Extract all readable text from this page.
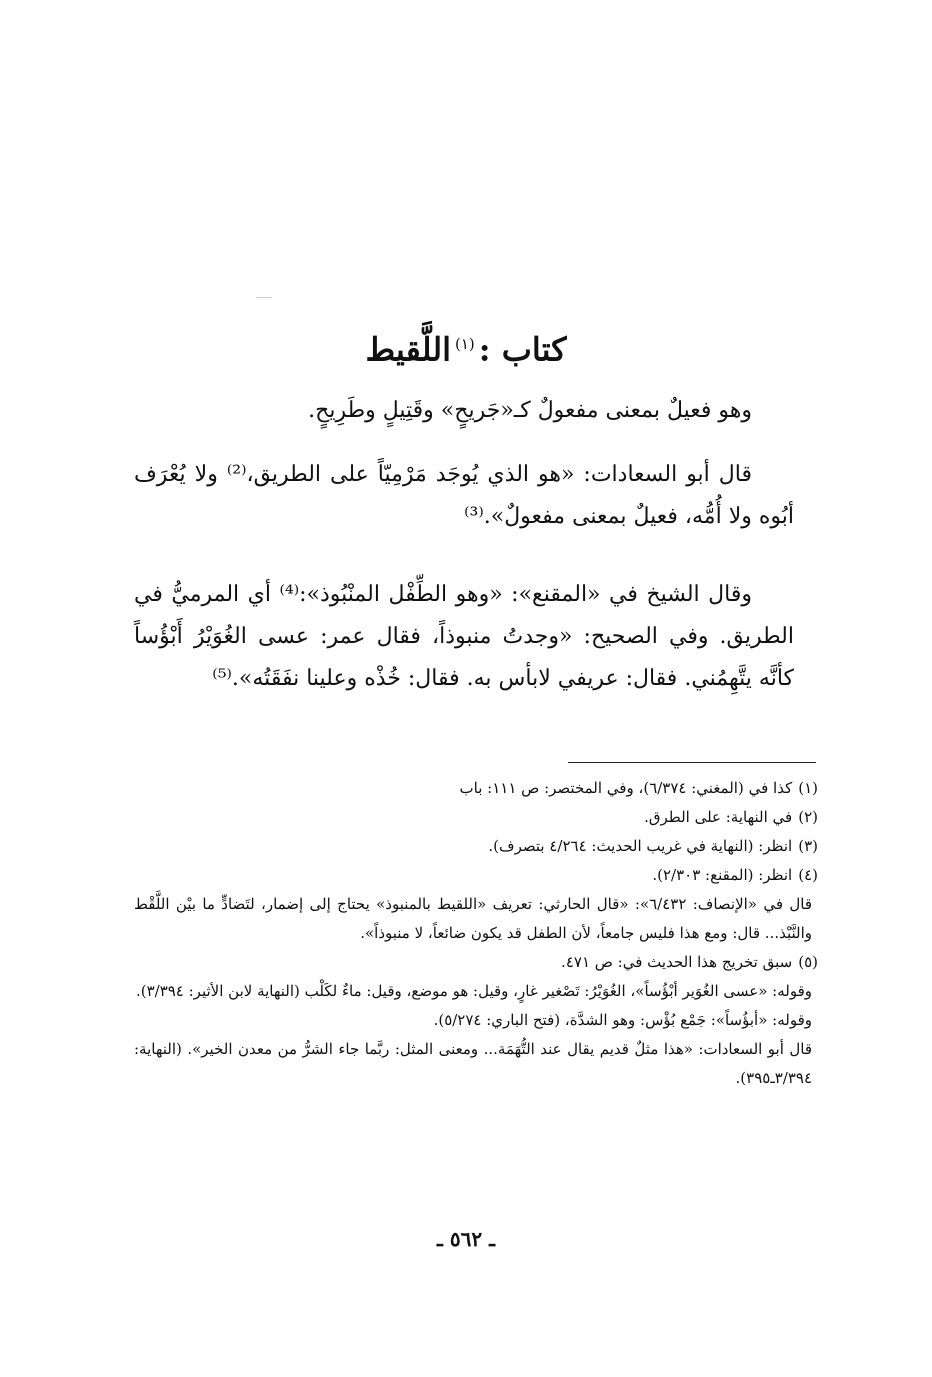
كتاب :$^{(١)}$اللَّقيط

وهو فعيلٌ بمعنى مفعولٌ كـ«جَريحٍ» وقَتِيلٍ وطَرِيحٍ.

قال أبو السعادات: «هو الذي يُوجَد مَرْمِيّاً على الطريق،⁽²⁾ ولا يُعْرَف أبُوه ولا أُمُّه، فعيلٌ بمعنى مفعولٌ».⁽³⁾

وقال الشيخ في «المقنع»: «وهو الطِّفْل المنْبُوذ»:⁽⁴⁾ أي المرميُّ في الطريق. وفي الصحيح: «وجدتُ منبوذاً، فقال عمر: عسى الغُوَيْرُ أَبْؤُساً كأنَّه يتَّهِمُني. فقال: عريفي لابأس به. فقال: خُذْه وعلينا نفَقَتُه».⁽⁵⁾

(١)كذا في (المغني: ٦/٣٧٤)، وفي المختصر: ص ١١١: باب

(٢)في النهاية: على الطرق.

(٣)انظر: (النهاية في غريب الحديث: ٤/٢٦٤ بتصرف).

(٤)انظر: (المقنع: ٢/٣٠٣).

قال في «الإنصاف: ٦/٤٣٢»: «قال الحارثي: تعريف «اللقيط بالمنبوذ» يحتاج إلى إضمار، لتَضادٍّ ما بيْن اللَّقْط والنَّبْذ... قال: ومع هذا فليس جامعاً، لأن الطفل قد يكون ضائعاً، لا منبوذاً».

(٥)سبق تخريج هذا الحديث في: ص ٤٧١.

وقوله: «عسى الغُوَير أبْؤُساً»، الغُوَيْرُ: تَصْغير غارٍ، وقيل: هو موضع، وقيل: ماءٌ لكَلْب (النهاية لابن الأثير: ٣/٣٩٤).

وقوله: «أبؤُساً»: جَمْع بُؤْس: وهو الشدَّة، (فتح الباري: ٥/٢٧٤).

قال أبو السعادات: «هذا مثلٌ قديم يقال عند التُّهَمَة... ومعنى المثل: ربَّما جاء الشرُّ من معدن الخير». (النهاية: ٣/٣٩٤ـ٣٩٥).

ـ ٥٦٢ ـ
